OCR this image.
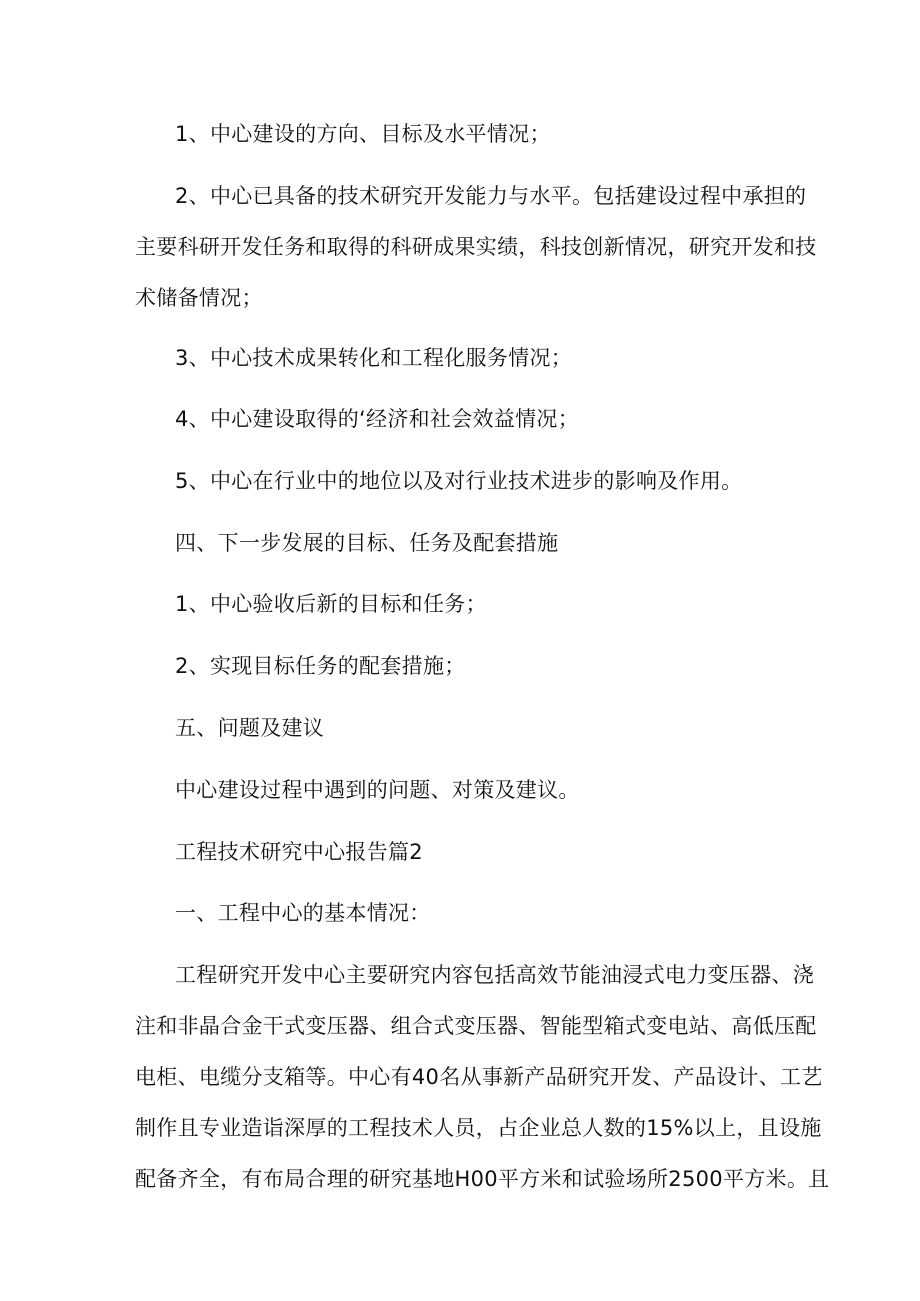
1、中心建设的方向、目标及水平情况；

2、中心已具备的技术研究开发能力与水平。包括建设过程中承担的
主要科研开发任务和取得的科研成果实绩，科技创新情况，研究开发和技
术储备情况；

3、中心技术成果转化和工程化服务情况；

4、中心建设取得的‘经济和社会效益情况；

5、中心在行业中的地位以及对行业技术进步的影响及作用。

四、下一步发展的目标、任务及配套措施

1、中心验收后新的目标和任务；

2、实现目标任务的配套措施；

五、问题及建议

中心建设过程中遇到的问题、对策及建议。

工程技术研究中心报告篇2

一、工程中心的基本情况：

工程研究开发中心主要研究内容包括高效节能油浸式电力变压器、浇
注和非晶合金干式变压器、组合式变压器、智能型箱式变电站、高低压配
电柜、电缆分支箱等。中心有40名从事新产品研究开发、产品设计、工艺
制作且专业造诣深厚的工程技术人员，占企业总人数的15%以上，且设施
配备齐全，有布局合理的研究基地H00平方米和试验场所2500平方米。且
